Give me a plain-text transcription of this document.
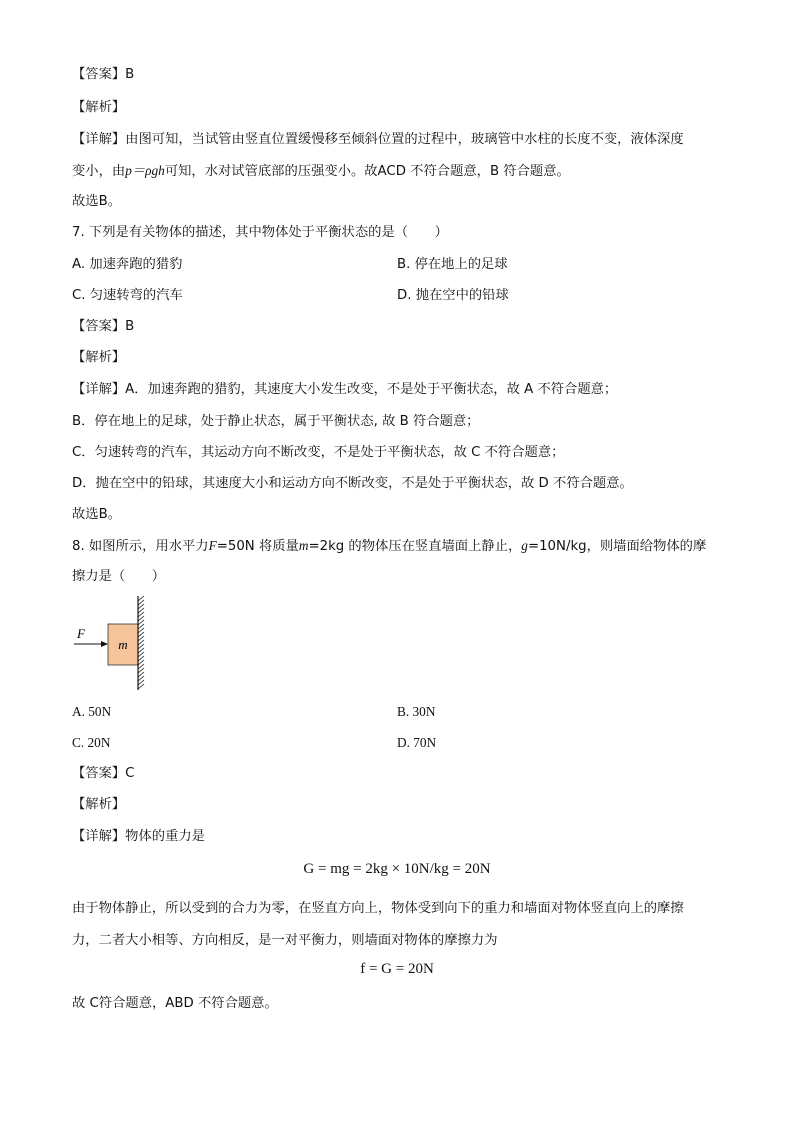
【答案】B
【解析】
【详解】由图可知，当试管由竖直位置缓慢移至倾斜位置的过程中，玻璃管中水柱的长度不变，液体深度
变小，由p＝ρgh可知，水对试管底部的压强变小。故ACD 不符合题意，B 符合题意。
故选B。
7. 下列是有关物体的描述，其中物体处于平衡状态的是（　　）
A. 加速奔跑的猎豹	B. 停在地上的足球
C. 匀速转弯的汽车	D. 抛在空中的铅球
【答案】B
【解析】
【详解】A．加速奔跑的猎豹，其速度大小发生改变，不是处于平衡状态，故 A 不符合题意；
B．停在地上的足球，处于静止状态，属于平衡状态, 故 B 符合题意；
C．匀速转弯的汽车，其运动方向不断改变，不是处于平衡状态，故 C 不符合题意；
D．抛在空中的铅球，其速度大小和运动方向不断改变，不是处于平衡状态，故 D 不符合题意。
故选B。
8. 如图所示，用水平力F=50N 将质量m=2kg 的物体压在竖直墙面上静止，g=10N/kg，则墙面给物体的摩
擦力是（　　）
F
m
A. 50N	B. 30N
C. 20N	D. 70N
【答案】C
【解析】
【详解】物体的重力是
G = mg = 2kg × 10N/kg = 20N
由于物体静止，所以受到的合力为零，在竖直方向上，物体受到向下的重力和墙面对物体竖直向上的摩擦
力，二者大小相等、方向相反，是一对平衡力，则墙面对物体的摩擦力为
f = G = 20N
故 C符合题意，ABD 不符合题意。
